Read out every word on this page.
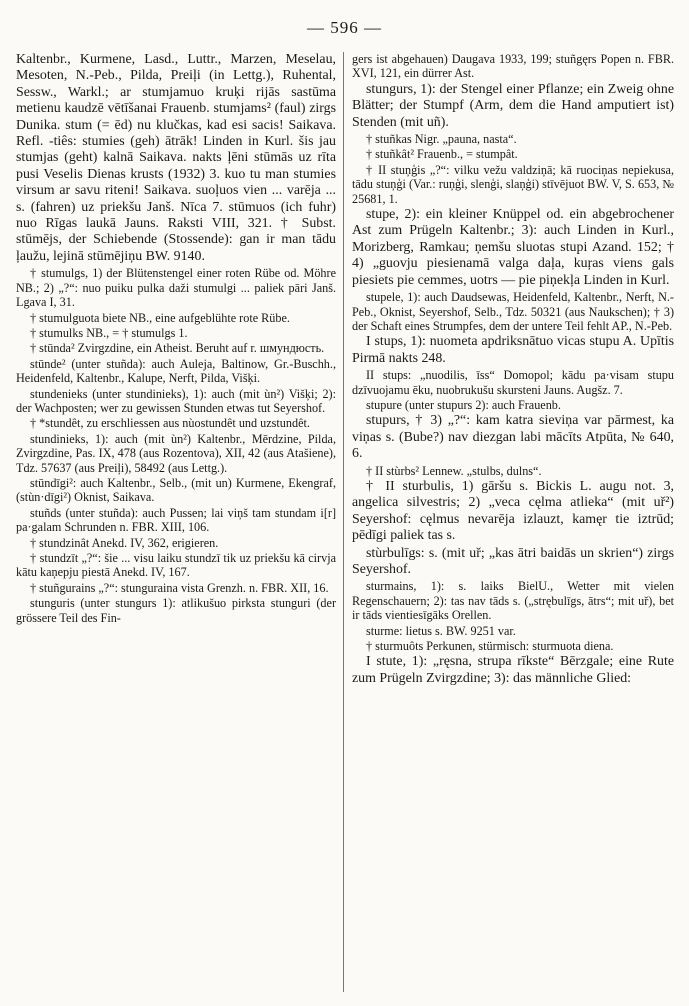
— 596 —

Kaltenbr., Kurmene, Lasd., Luttr., Marzen, Meselau, Mesoten, N.-Peb., Pilda, Preiļi (in Lettg.), Ruhental, Sessw., Warkl.; ar stumjamuo kruķi rijās sastūma metienu kaudzē vētīšanai Frauenb. stumjams² (faul) zirgs Dunika. stum (= ēd) nu klučkas, kad esi sacis! Saikava. Refl. -tiês: stumies (geh) ātrāk! Linden in Kurl. šis jau stumjas (geht) kalnā Saikava. nakts ļēni stūmās uz rīta pusi Veselis Dienas krusts (1932) 3. kuo tu man stumies virsum ar savu riteni! Saikava. suoļuos vien ... varēja ... s. (fahren) uz priekšu Janš. Nīca 7. stūmuos (ich fuhr) nuo Rīgas laukā Jauns. Raksti VIII, 321. † Subst. stūmējs, der Schiebende (Stossende): gan ir man tādu ļaužu, lejinā stūmējiņu BW. 9140.

† stumulgs, 1) der Blütenstengel einer roten Rübe od. Möhre NB.; 2) „?“: nuo puiku pulka daži stumulgi ... paliek pāri Janš. Lgava I, 31.

† stumulguota biete NB., eine aufgeblühte rote Rübe.

† stumulks NB., = † stumulgs 1.

† stūnda² Zvirgzdine, ein Atheist. Beruht auf r. шмундюсть.

stūnde² (unter stuñda): auch Auleja, Baltinow, Gr.-Buschh., Heidenfeld, Kaltenbr., Kalupe, Nerft, Pilda, Višķi.

stundenieks (unter stundinieks), 1): auch (mit ùn²) Višķi; 2): der Wachposten; wer zu gewissen Stunden etwas tut Seyershof.

† *stundêt, zu erschliessen aus nùostundêt und uzstundêt.

stundinieks, 1): auch (mit ùn²) Kaltenbr., Mērdzine, Pilda, Zvirgzdine, Pas. IX, 478 (aus Rozentova), XII, 42 (aus Atašiene), Tdz. 57637 (aus Preiļi), 58492 (aus Lettg.).

stūndīgi²: auch Kaltenbr., Selb., (mit un) Kurmene, Ekengraf, (stùn·dīgi²) Oknist, Saikava.

stuñds (unter stuñda): auch Pussen; lai viņš tam stundam i[r] pa·galam Schrunden n. FBR. XIII, 106.

† stundzinât Anekd. IV, 362, erigieren.

† stundzīt „?“: šie ... visu laiku stundzī tik uz priekšu kā cirvja kātu kaņepju piestā Anekd. IV, 167.

† stuñgurains „?“: stunguraina vista Grenzh. n. FBR. XII, 16.

stunguris (unter stungurs 1): atlikušuo pirksta stunguri (der grössere Teil des Fin-

gers ist abgehauen) Daugava 1933, 199; stuñgęrs Popen n. FBR. XVI, 121, ein dürrer Ast.

stungurs, 1): der Stengel einer Pflanze; ein Zweig ohne Blätter; der Stumpf (Arm, dem die Hand amputiert ist) Stenden (mit uñ).

† stuñkas Nigr. „pauna, nasta“.

† stuñkât² Frauenb., = stumpât.

† II stuņģis „?“: vilku vežu valdziņā; kā ruociņas nepiekusa, tādu stuņģi (Var.: ruņģi, slenģi, slaņģi) stīvējuot BW. V, S. 653, № 25681, 1.

stupe, 2): ein kleiner Knüppel od. ein abgebrochener Ast zum Prügeln Kaltenbr.; 3): auch Linden in Kurl., Morizberg, Ramkau; ņemšu sluotas stupi Azand. 152; † 4) „guovju piesienamā valga daļa, kuŗas viens gals piesiets pie cemmes, uotrs — pie piņekļa Linden in Kurl.

stupele, 1): auch Daudsewas, Heidenfeld, Kaltenbr., Nerft, N.-Peb., Oknist, Seyershof, Selb., Tdz. 50321 (aus Naukschen); † 3) der Schaft eines Strumpfes, dem der untere Teil fehlt AP., N.-Peb.

I stups, 1): nuometa apdriksnātuo vicas stupu A. Upītis Pirmā nakts 248.

II stups: „nuodilis, īss“ Domopol; kādu pa·visam stupu dzīvuojamu ēku, nuobrukušu skursteni Jauns. Augšz. 7.

stupure (unter stupurs 2): auch Frauenb.

stupurs, † 3) „?“: kam katra sieviņa var pārmest, ka viņas s. (Bube?) nav diezgan labi mācīts Atpūta, № 640, 6.

† II stùrbs² Lennew. „stulbs, dulns“.

† II sturbulis, 1) gāršu s. Bickis L. augu not. 3, angelica silvestris; 2) „veca cęlma atlieka“ (mit uř²) Seyershof: cęlmus nevarēja izlauzt, kamęr tie iztrūd; pēdīgi paliek tas s.

stùrbulīgs: s. (mit uř; „kas ātri baidās un skrien“) zirgs Seyershof.

sturmains, 1): s. laiks BielU., Wetter mit vielen Regenschauern; 2): tas nav tāds s. („strębulīgs, ātrs“; mit uř), bet ir tāds vientiesīgāks Orellen.

sturme: lietus s. BW. 9251 var.

† sturmuôts Perkunen, stürmisch: sturmuota diena.

I stute, 1): „ręsna, strupa rīkste“ Bērzgale; eine Rute zum Prügeln Zvirgzdine; 3): das männliche Glied:
